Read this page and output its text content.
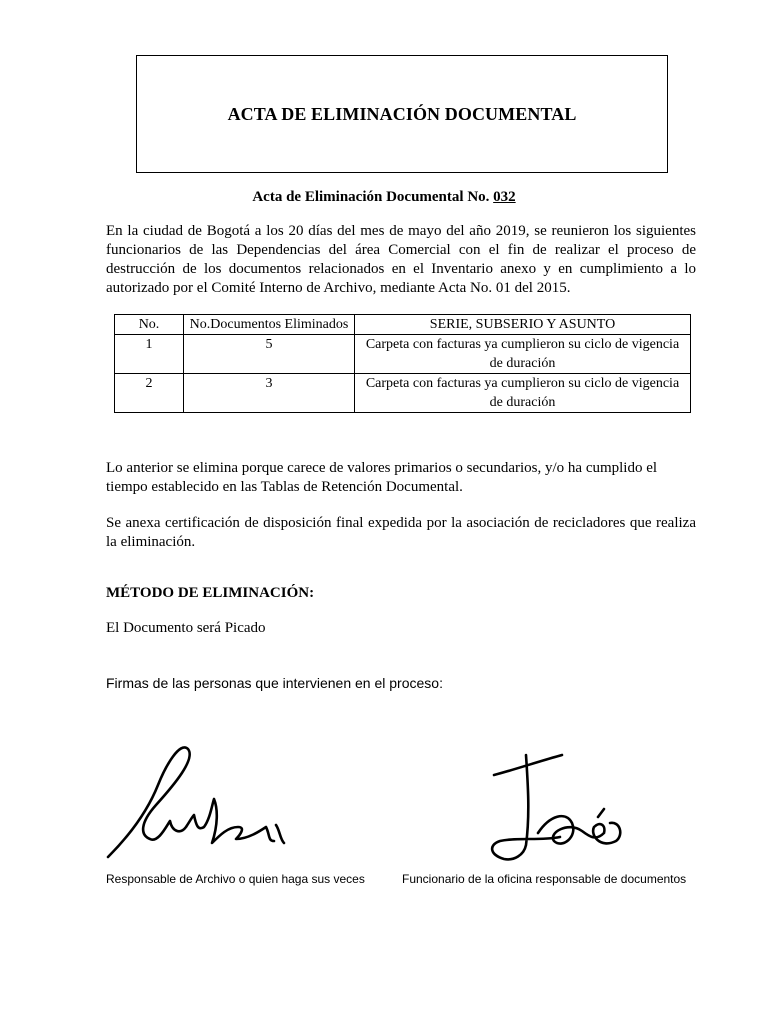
ACTA DE ELIMINACIÓN DOCUMENTAL
Acta de Eliminación Documental No. 032
En la ciudad de Bogotá a los 20 días del mes de mayo del año 2019, se reunieron los siguientes funcionarios de las Dependencias del área Comercial con el fin de realizar el proceso de destrucción de los documentos relacionados en el Inventario anexo y en cumplimiento a lo autorizado por el Comité Interno de Archivo, mediante Acta No. 01 del 2015.
No.	No.Documentos Eliminados	SERIE, SUBSERIO Y ASUNTO
1	5	Carpeta con facturas ya cumplieron su ciclo de vigencia de duración
2	3	Carpeta con facturas ya cumplieron su ciclo de vigencia de duración
Lo anterior se elimina porque carece de valores primarios o secundarios, y/o ha cumplido el tiempo establecido en las Tablas de Retención Documental.
Se anexa certificación de disposición final expedida por la asociación de recicladores que realiza la eliminación.
MÉTODO DE ELIMINACIÓN:
El Documento será Picado
Firmas de las personas que intervienen en el proceso:
Responsable de Archivo o quien haga sus veces	Funcionario de la oficina responsable de documentos
